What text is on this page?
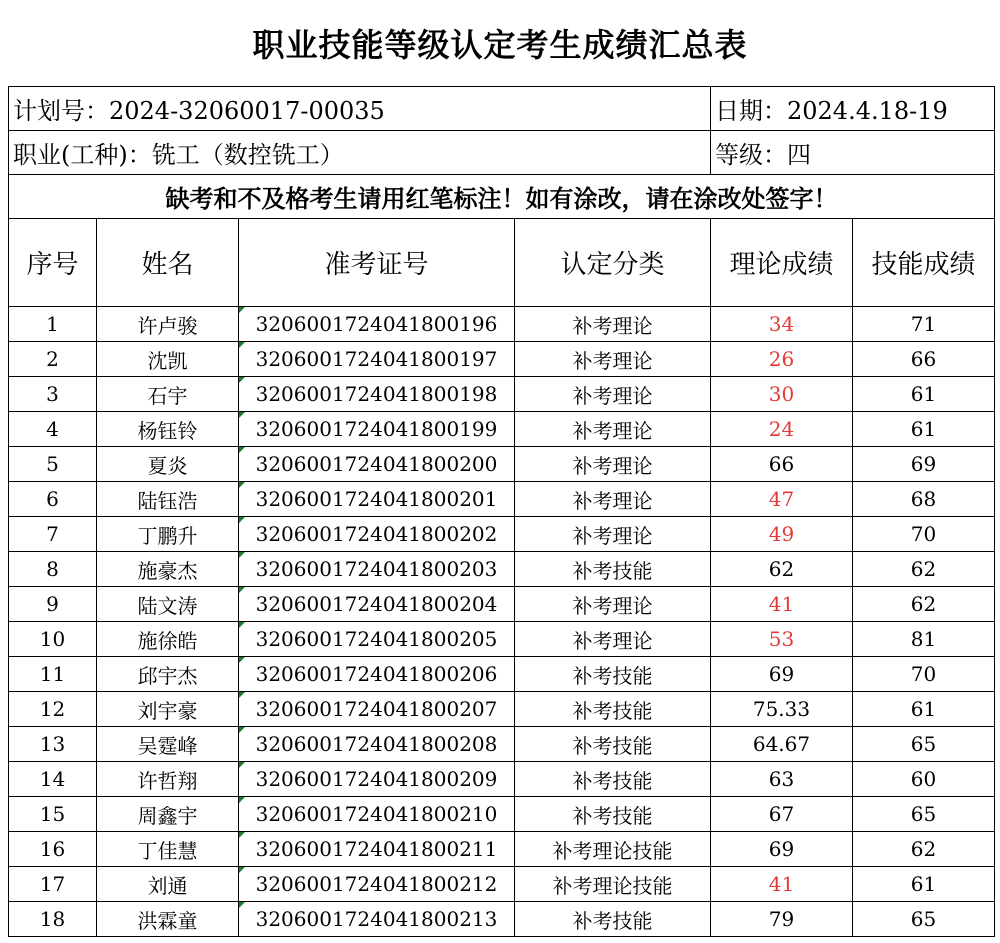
职业技能等级认定考生成绩汇总表
计划号：2024-32060017-00035				日期：2024.4.18-19	
职业(工种)：铣工（数控铣工）				等级：四	
缺考和不及格考生请用红笔标注！如有涂改，请在涂改处签字！					
序号	姓名	准考证号	认定分类	理论成绩	技能成绩
1	许卢骏	3206001724041800196	补考理论	34	71
2	沈凯	3206001724041800197	补考理论	26	66
3	石宇	3206001724041800198	补考理论	30	61
4	杨钰铃	3206001724041800199	补考理论	24	61
5	夏炎	3206001724041800200	补考理论	66	69
6	陆钰浩	3206001724041800201	补考理论	47	68
7	丁鹏升	3206001724041800202	补考理论	49	70
8	施豪杰	3206001724041800203	补考技能	62	62
9	陆文涛	3206001724041800204	补考理论	41	62
10	施徐皓	3206001724041800205	补考理论	53	81
11	邱宇杰	3206001724041800206	补考技能	69	70
12	刘宇豪	3206001724041800207	补考技能	75.33	61
13	吴霆峰	3206001724041800208	补考技能	64.67	65
14	许哲翔	3206001724041800209	补考技能	63	60
15	周鑫宇	3206001724041800210	补考技能	67	65
16	丁佳慧	3206001724041800211	补考理论技能	69	62
17	刘通	3206001724041800212	补考理论技能	41	61
18	洪霖童	3206001724041800213	补考技能	79	65
